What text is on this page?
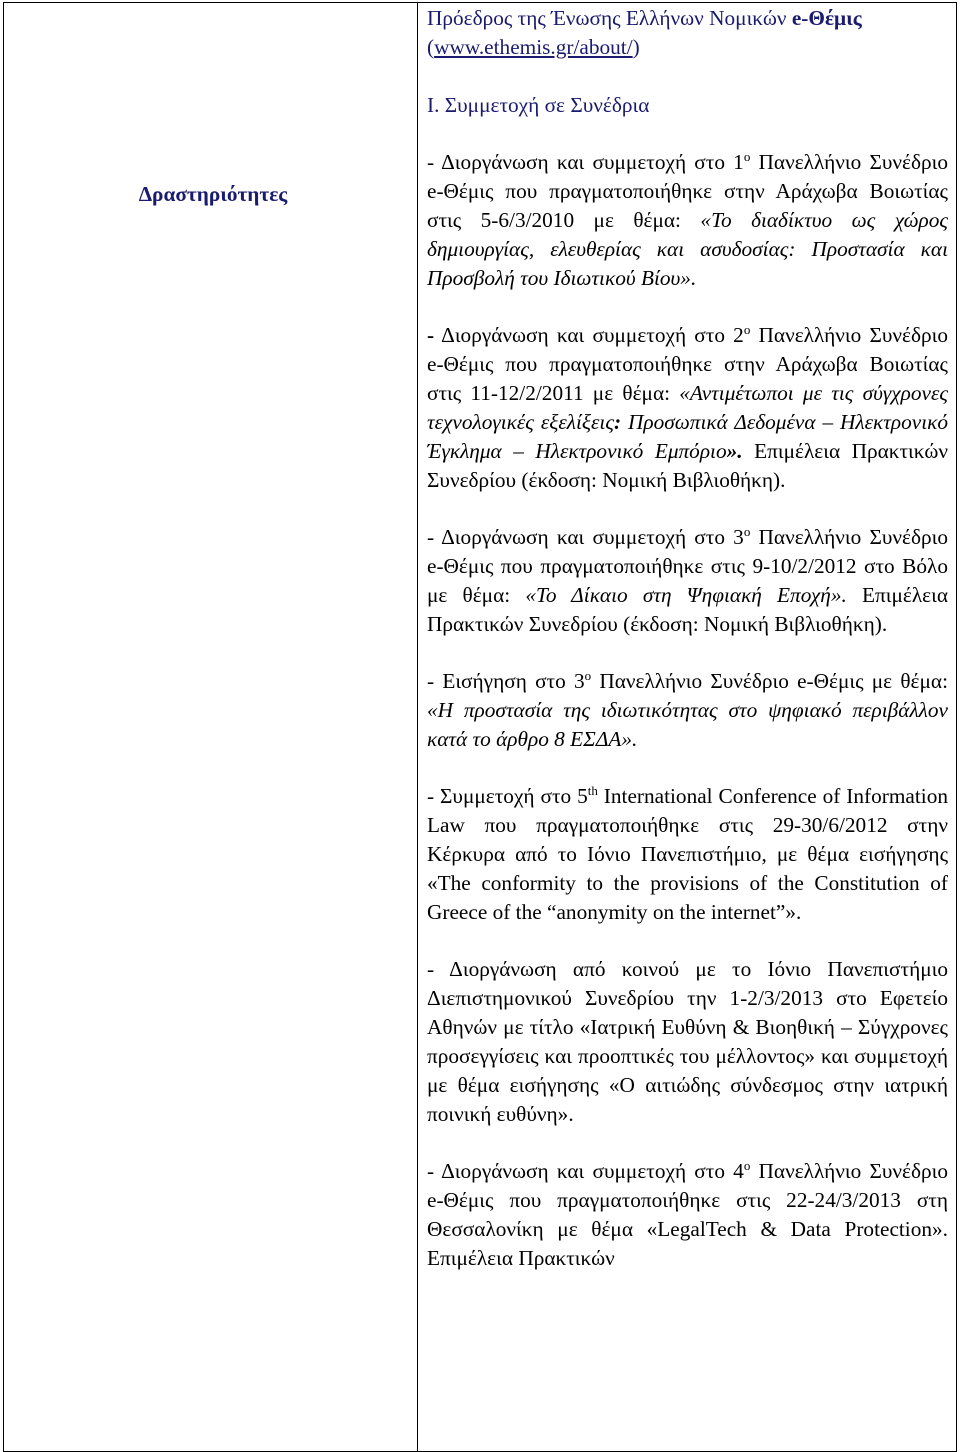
Δραστηριότητες

Πρόεδρος της Ένωσης Ελλήνων Νομικών e-Θέμις
(www.ethemis.gr/about/)

I. Συμμετοχή σε Συνέδρια

- Διοργάνωση και συμμετοχή στο $1^o$ Πανελλήνιο Συνέδριο e-Θέμις που πραγματοποιήθηκε στην Αράχωβα Βοιωτίας στις 5-6/3/2010 με θέμα: «Το διαδίκτυο ως χώρος δημιουργίας, ελευθερίας και ασυδοσίας: Προστασία και Προσβολή του Ιδιωτικού Βίου».

- Διοργάνωση και συμμετοχή στο $2^o$ Πανελλήνιο Συνέδριο e-Θέμις που πραγματοποιήθηκε στην Αράχωβα Βοιωτίας στις 11-12/2/2011 με θέμα: «Αντιμέτωποι με τις σύγχρονες τεχνολογικές εξελίξεις: Προσωπικά Δεδομένα – Ηλεκτρονικό Έγκλημα – Ηλεκτρονικό Εμπόριο». Επιμέλεια Πρακτικών Συνεδρίου (έκδοση: Νομική Βιβλιοθήκη).

- Διοργάνωση και συμμετοχή στο $3^o$ Πανελλήνιο Συνέδριο e-Θέμις που πραγματοποιήθηκε στις 9-10/2/2012 στο Βόλο με θέμα: «Το Δίκαιο στη Ψηφιακή Εποχή». Επιμέλεια Πρακτικών Συνεδρίου (έκδοση: Νομική Βιβλιοθήκη).

- Εισήγηση στο $3^o$ Πανελλήνιο Συνέδριο e-Θέμις με θέμα: «Η προστασία της ιδιωτικότητας στο ψηφιακό περιβάλλον κατά το άρθρο 8 ΕΣΔΑ».

- Συμμετοχή στο 5th International Conference of Information Law που πραγματοποιήθηκε στις 29-30/6/2012 στην Κέρκυρα από το Ιόνιο Πανεπιστήμιο, με θέμα εισήγησης «The conformity to the provisions of the Constitution of Greece of the “anonymity on the internet”».

- Διοργάνωση από κοινού με το Ιόνιο Πανεπιστήμιο Διεπιστημονικού Συνεδρίου την 1-2/3/2013 στο Εφετείο Αθηνών με τίτλο «Ιατρική Ευθύνη & Βιοηθική – Σύγχρονες προσεγγίσεις και προοπτικές του μέλλοντος» και συμμετοχή με θέμα εισήγησης «Ο αιτιώδης σύνδεσμος στην ιατρική ποινική ευθύνη».

- Διοργάνωση και συμμετοχή στο $4^o$ Πανελλήνιο Συνέδριο e-Θέμις που πραγματοποιήθηκε στις 22-24/3/2013 στη Θεσσαλονίκη με θέμα «LegalTech & Data Protection». Επιμέλεια Πρακτικών
